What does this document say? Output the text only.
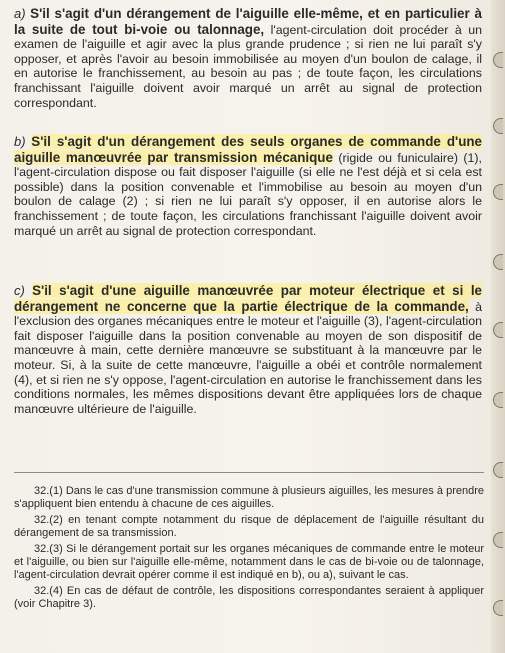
a) S'il s'agit d'un dérangement de l'aiguille elle-même, et en particulier à la suite de tout bi-voie ou talonnage, l'agent-circulation doit procéder à un examen de l'aiguille et agir avec la plus grande prudence ; si rien ne lui paraît s'y opposer, et après l'avoir au besoin immobilisée au moyen d'un boulon de calage, il en autorise le franchissement, au besoin au pas ; de toute façon, les circulations franchissant l'aiguille doivent avoir marqué un arrêt au signal de protection correspondant.
b) S'il s'agit d'un dérangement des seuls organes de commande d'une aiguille manœuvrée par transmission mécanique (rigide ou funiculaire) (1), l'agent-circulation dispose ou fait disposer l'aiguille (si elle ne l'est déjà et si cela est possible) dans la position convenable et l'immobilise au besoin au moyen d'un boulon de calage (2) ; si rien ne lui paraît s'y opposer, il en autorise alors le franchissement ; de toute façon, les circulations franchissant l'aiguille doivent avoir marqué un arrêt au signal de protection correspondant.
c) S'il s'agit d'une aiguille manœuvrée par moteur électrique et si le dérangement ne concerne que la partie électrique de la commande, à l'exclusion des organes mécaniques entre le moteur et l'aiguille (3), l'agent-circulation fait disposer l'aiguille dans la position convenable au moyen de son dispositif de manœuvre à main, cette dernière manœuvre se substituant à la manœuvre par le moteur. Si, à la suite de cette manœuvre, l'aiguille a obéi et contrôle normalement (4), et si rien ne s'y oppose, l'agent-circulation en autorise le franchissement dans les conditions normales, les mêmes dispositions devant être appliquées lors de chaque manœuvre ultérieure de l'aiguille.

32.(1) Dans le cas d'une transmission commune à plusieurs aiguilles, les mesures à prendre s'appliquent bien entendu à chacune de ces aiguilles.

32.(2) en tenant compte notamment du risque de déplacement de l'aiguille résultant du dérangement de sa transmission.

32.(3) Si le dérangement portait sur les organes mécaniques de commande entre le moteur et l'aiguille, ou bien sur l'aiguille elle-même, notamment dans le cas de bi-voie ou de talonnage, l'agent-circulation devrait opérer comme il est indiqué en b), ou a), suivant le cas.

32.(4) En cas de défaut de contrôle, les dispositions correspondantes seraient à appliquer (voir Chapitre 3).
